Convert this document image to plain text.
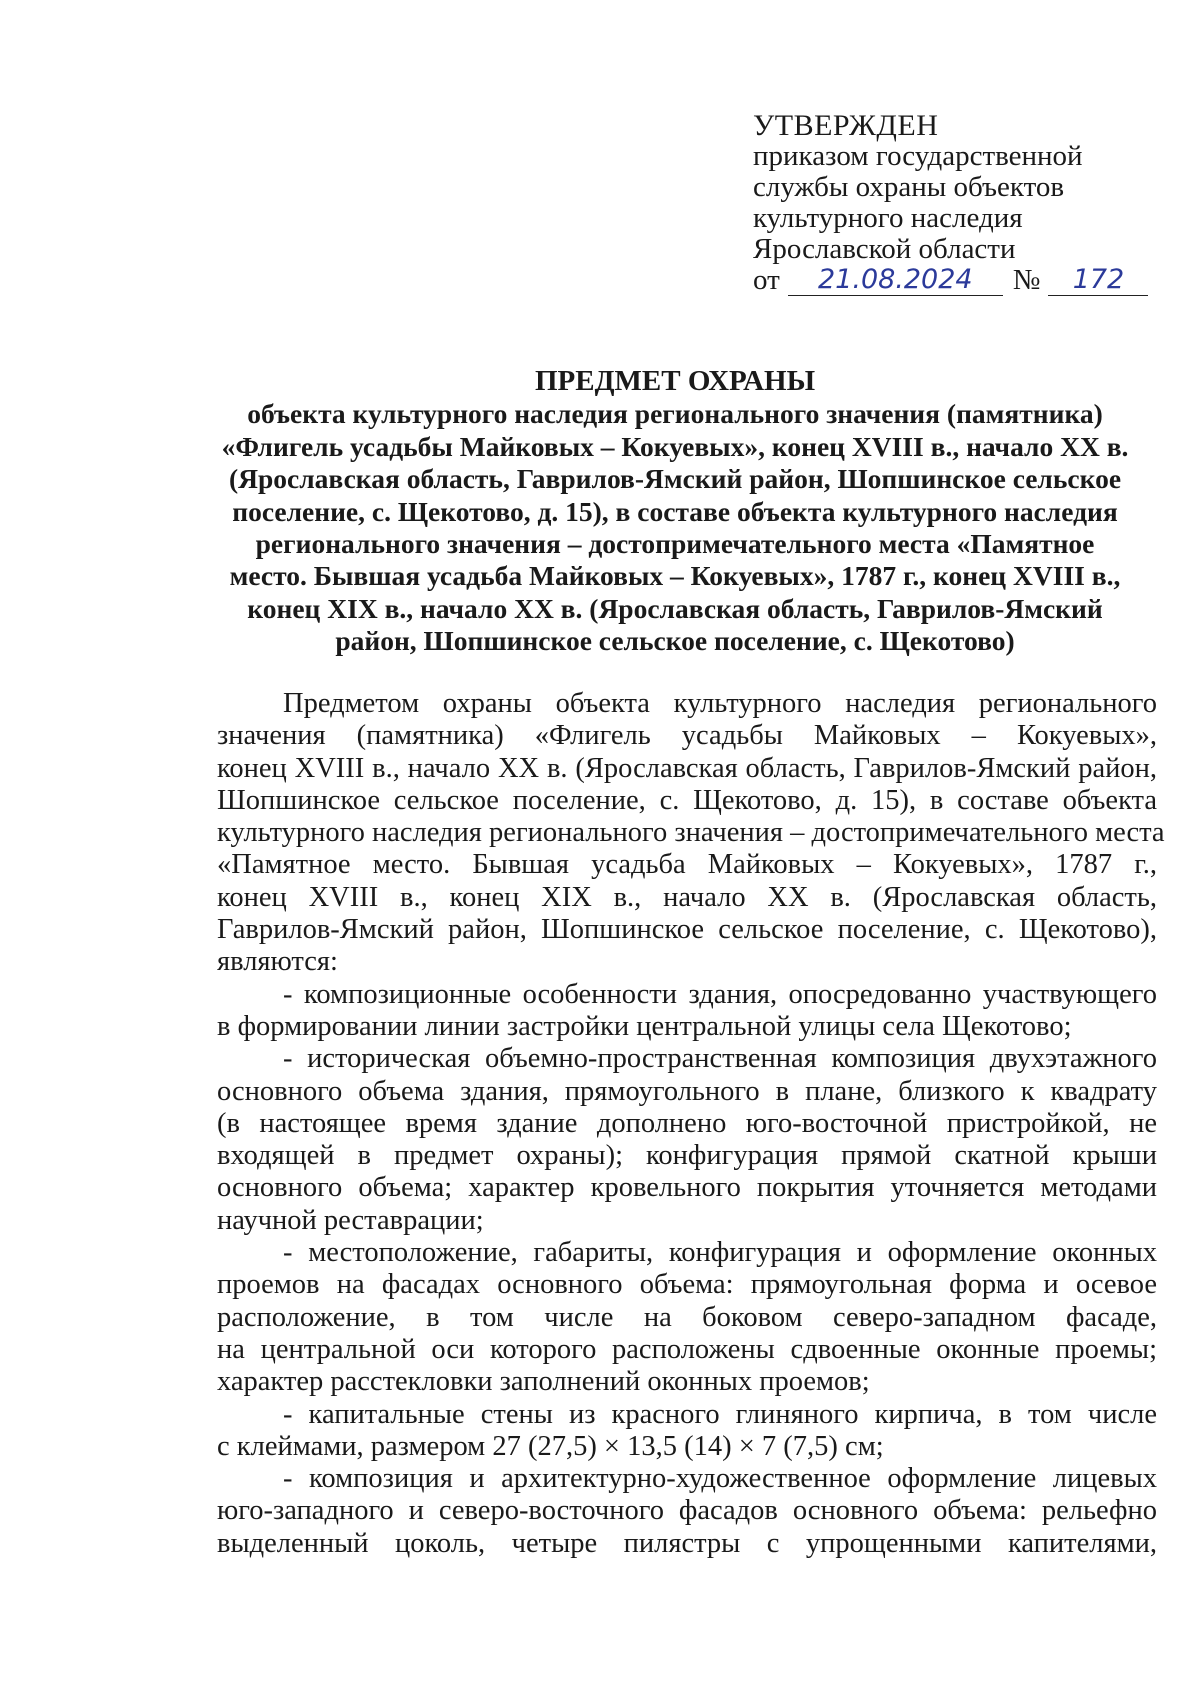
УТВЕРЖДЕН
приказом государственной
службы охраны объектов
культурного наследия
Ярославской области
от	21.08.2024	№	172
ПРЕДМЕТ ОХРАНЫ
объекта культурного наследия регионального значения (памятника)
«Флигель усадьбы Майковых – Кокуевых», конец XVIII в., начало XX в.
(Ярославская область, Гаврилов-Ямский район, Шопшинское сельское
поселение, с. Щекотово, д. 15), в составе объекта культурного наследия
регионального значения – достопримечательного места «Памятное
место. Бывшая усадьба Майковых – Кокуевых», 1787 г., конец XVIII в.,
конец XIX в., начало XX в. (Ярославская область, Гаврилов-Ямский
район, Шопшинское сельское поселение, с. Щекотово)
Предметом охраны объекта культурного наследия регионального
значения (памятника) «Флигель усадьбы Майковых – Кокуевых»,
конец XVIII в., начало XX в. (Ярославская область, Гаврилов-Ямский район,
Шопшинское сельское поселение, с. Щекотово, д. 15), в составе объекта
культурного наследия регионального значения – достопримечательного места
«Памятное место. Бывшая усадьба Майковых – Кокуевых», 1787 г.,
конец XVIII в., конец XIX в., начало XX в. (Ярославская область,
Гаврилов-Ямский район, Шопшинское сельское поселение, с. Щекотово),
являются:
- композиционные особенности здания, опосредованно участвующего
в формировании линии застройки центральной улицы села Щекотово;
- историческая объемно-пространственная композиция двухэтажного
основного объема здания, прямоугольного в плане, близкого к квадрату
(в настоящее время здание дополнено юго-восточной пристройкой, не
входящей в предмет охраны); конфигурация прямой скатной крыши
основного объема; характер кровельного покрытия уточняется методами
научной реставрации;
- местоположение, габариты, конфигурация и оформление оконных
проемов на фасадах основного объема: прямоугольная форма и осевое
расположение, в том числе на боковом северо-западном фасаде,
на центральной оси которого расположены сдвоенные оконные проемы;
характер расстекловки заполнений оконных проемов;
- капитальные стены из красного глиняного кирпича, в том числе
с клеймами, размером 27 (27,5) × 13,5 (14) × 7 (7,5) см;
- композиция и архитектурно-художественное оформление лицевых
юго-западного и северо-восточного фасадов основного объема: рельефно
выделенный цоколь, четыре пилястры с упрощенными капителями,
